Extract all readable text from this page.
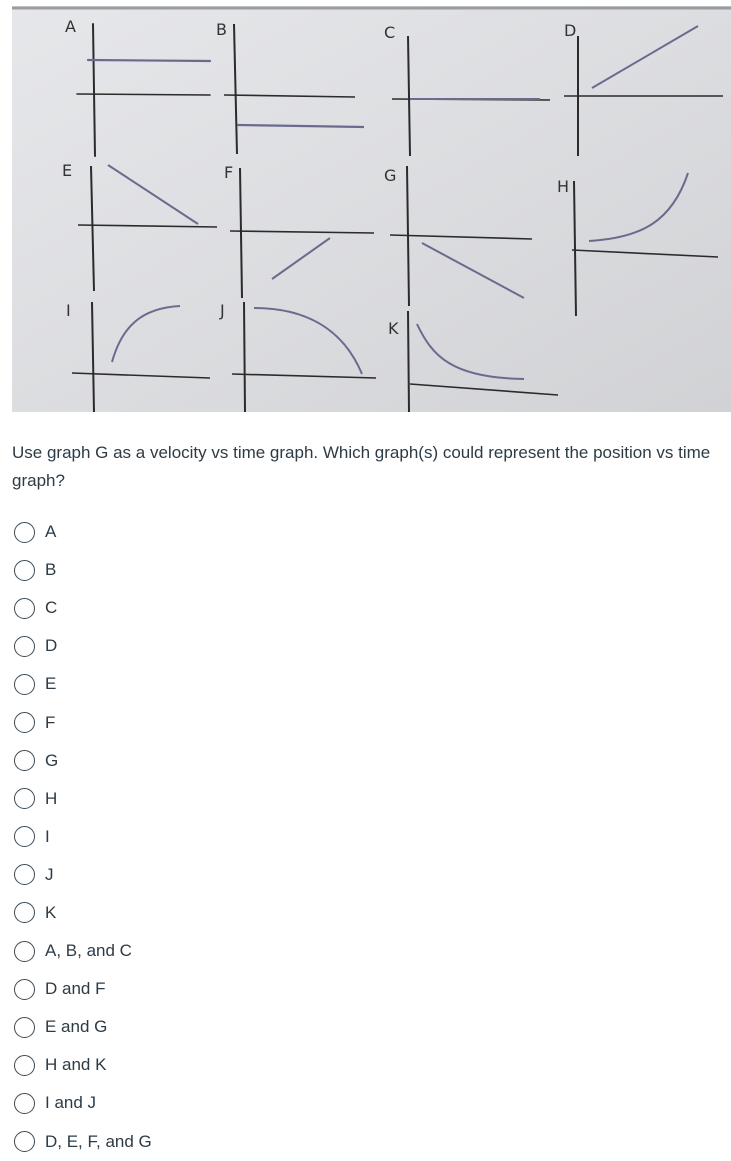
A	B	C	D
E	F	G
H
I	J
K

Use graph G as a velocity vs time graph. Which graph(s) could represent the position vs time graph?

A
B
C
D
E
F
G
H
I
J
K
A, B, and C
D and F
E and G
H and K
I and J
D, E, F, and G
